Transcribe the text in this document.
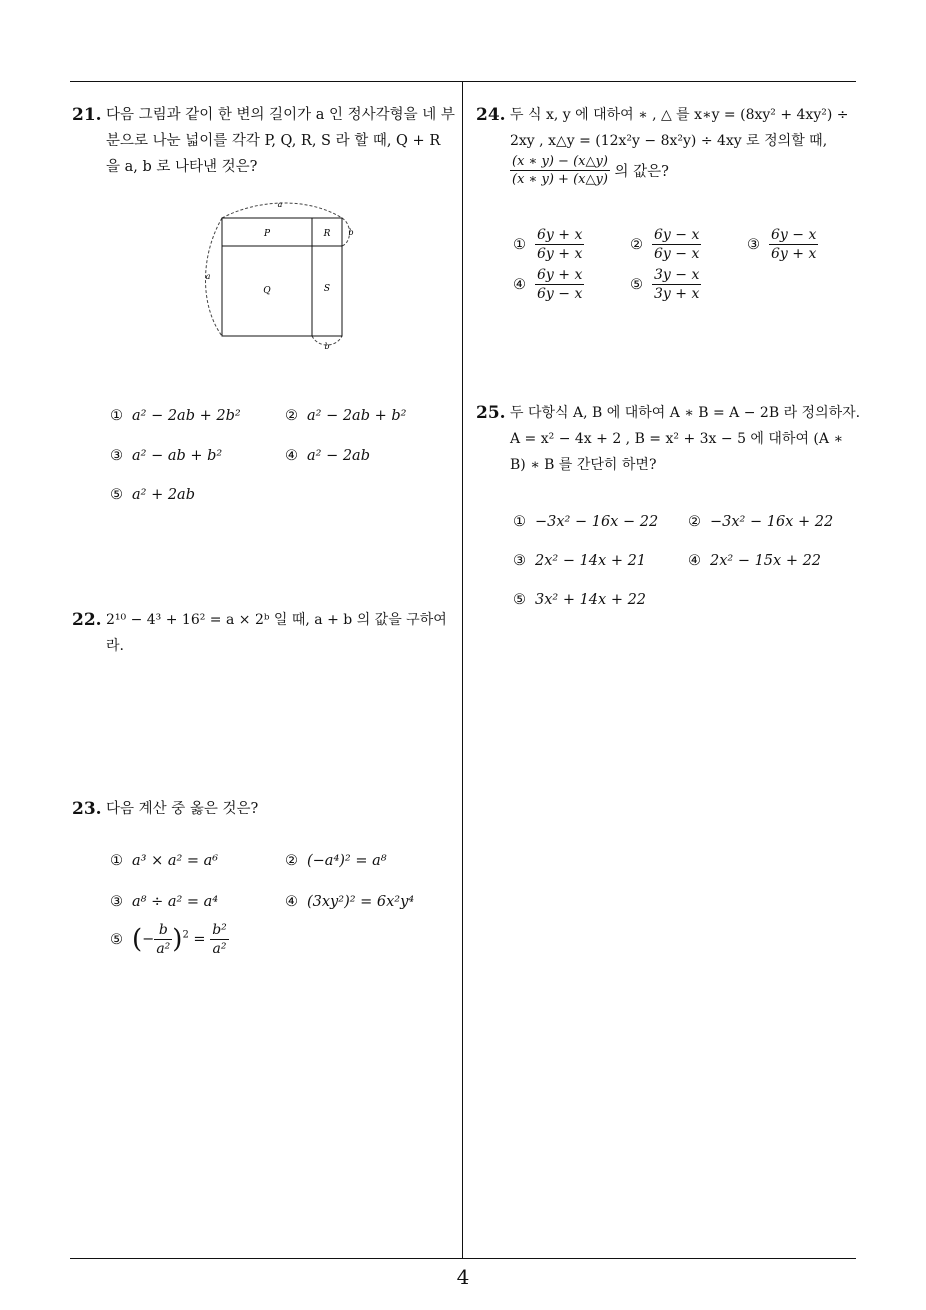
21. 다음 그림과 같이 한 변의 길이가 a 인 정사각형을 네 부분으로 나눈 넓이를 각각 P, Q, R, S 라 할 때, Q + R 을 a, b 로 나타낸 것은?
a
a
b
b
P	R
Q	S
① a² − 2ab + 2b²	② a² − 2ab + b²
③ a² − ab + b²	④ a² − 2ab
⑤ a² + 2ab
22. 2¹⁰ − 4³ + 16² = a × 2ᵇ 일 때, a + b 의 값을 구하여라.
23. 다음 계산 중 옳은 것은?
① a³ × a² = a⁶	② (−a⁴)² = a⁸
③ a⁸ ÷ a² = a⁴	④ (3xy²)² = 6x²y⁴
⑤ (− $\frac{b}{\text{a²}} )^2 = \frac{\text{b²}}{\text{a²}}$
24. 두 식 x, y 에 대하여 ∗ , △ 를 x∗y = (8xy² + 4xy²) ÷
2xy , x△y = (12x²y − 8x²y) ÷ 4xy 로 정의할 때,
$\frac{(x ∗ y) - (x\triangle y)}{(x ∗ y) + (x\triangle y)}$ 의 값은?
① $\frac{6y + x}{6y + x}$	② $\frac{6y - x}{6y - x}$	③ $\frac{6y - x}{6y + x}$
④ $\frac{6y + x}{6y - x}$	⑤ $\frac{3y - x}{3y + x}$
25. 두 다항식 A, B 에 대하여 A ∗ B = A − 2B 라 정의하자. A = x² − 4x + 2 , B = x² + 3x − 5 에 대하여 (A ∗ B) ∗ B 를 간단히 하면?
① −3x² − 16x − 22 ② −3x² − 16x + 22
③ 2x² − 14x + 21	④ 2x² − 15x + 22
⑤ 3x² + 14x + 22
4
